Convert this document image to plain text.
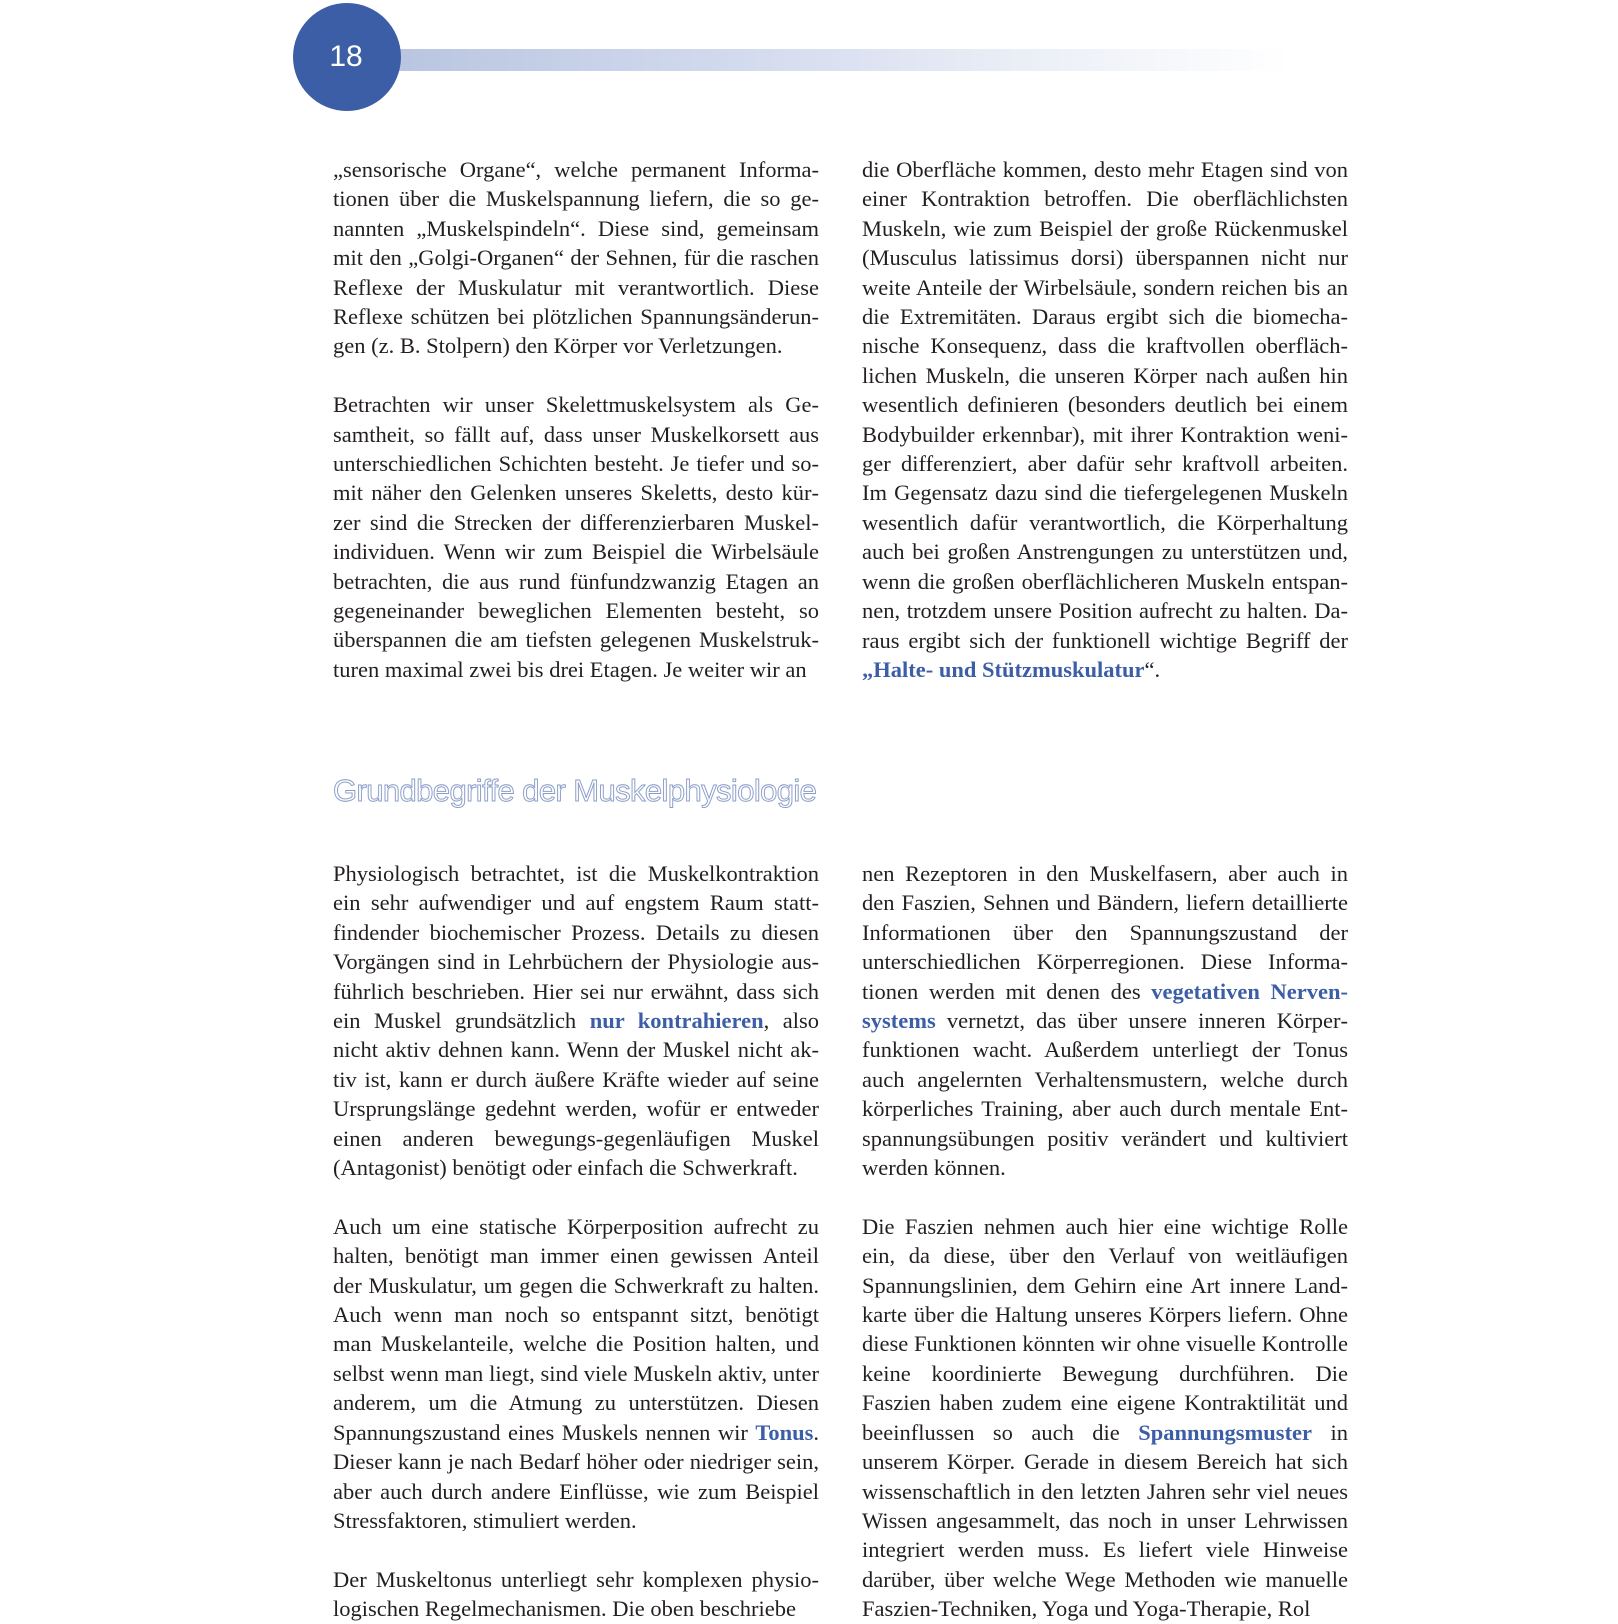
18

„sensorische Organe“, welche permanent Informationen über die Muskelspannung liefern, die so genannten „Muskelspindeln“. Diese sind, gemeinsam mit den „Golgi-Organen“ der Sehnen, für die raschen Reflexe der Muskulatur mit verantwortlich. Diese Reflexe schützen bei plötzlichen Spannungsänderungen (z. B. Stolpern) den Körper vor Verletzungen.

Betrachten wir unser Skelettmuskelsystem als Gesamtheit, so fällt auf, dass unser Muskelkorsett aus unterschiedlichen Schichten besteht. Je tiefer und somit näher den Gelenken unseres Skeletts, desto kürzer sind die Strecken der differenzierbaren Muskelindividuen. Wenn wir zum Beispiel die Wirbelsäule betrachten, die aus rund fünfundzwanzig Etagen an gegeneinander beweglichen Elementen besteht, so überspannen die am tiefsten gelegenen Muskelstrukturen maximal zwei bis drei Etagen. Je weiter wir an

die Oberfläche kommen, desto mehr Etagen sind von einer Kontraktion betroffen. Die oberflächlichsten Muskeln, wie zum Beispiel der große Rückenmuskel (Musculus latissimus dorsi) überspannen nicht nur weite Anteile der Wirbelsäule, sondern reichen bis an die Extremitäten. Daraus ergibt sich die biomechanische Konsequenz, dass die kraftvollen oberflächlichen Muskeln, die unseren Körper nach außen hin wesentlich definieren (besonders deutlich bei einem Bodybuilder erkennbar), mit ihrer Kontraktion weniger differenziert, aber dafür sehr kraftvoll arbeiten. Im Gegensatz dazu sind die tiefergelegenen Muskeln wesentlich dafür verantwortlich, die Körperhaltung auch bei großen Anstrengungen zu unterstützen und, wenn die großen oberflächlicheren Muskeln entspannen, trotzdem unsere Position aufrecht zu halten. Daraus ergibt sich der funktionell wichtige Begriff der „Halte- und Stützmuskulatur“.

Grundbegriffe der Muskelphysiologie

Physiologisch betrachtet, ist die Muskelkontraktion ein sehr aufwendiger und auf engstem Raum stattfindender biochemischer Prozess. Details zu diesen Vorgängen sind in Lehrbüchern der Physiologie ausführlich beschrieben. Hier sei nur erwähnt, dass sich ein Muskel grundsätzlich nur kontrahieren, also nicht aktiv dehnen kann. Wenn der Muskel nicht aktiv ist, kann er durch äußere Kräfte wieder auf seine Ursprungslänge gedehnt werden, wofür er entweder einen anderen bewegungs-gegenläufigen Muskel (Antagonist) benötigt oder einfach die Schwerkraft.

Auch um eine statische Körperposition aufrecht zu halten, benötigt man immer einen gewissen Anteil der Muskulatur, um gegen die Schwerkraft zu halten. Auch wenn man noch so entspannt sitzt, benötigt man Muskelanteile, welche die Position halten, und selbst wenn man liegt, sind viele Muskeln aktiv, unter anderem, um die Atmung zu unterstützen. Diesen Spannungszustand eines Muskels nennen wir Tonus. Dieser kann je nach Bedarf höher oder niedriger sein, aber auch durch andere Einflüsse, wie zum Beispiel Stressfaktoren, stimuliert werden.

Der Muskeltonus unterliegt sehr komplexen physiologischen Regelmechanismen. Die oben beschriebe

nen Rezeptoren in den Muskelfasern, aber auch in den Faszien, Sehnen und Bändern, liefern detaillierte Informationen über den Spannungszustand der unterschiedlichen Körperregionen. Diese Informationen werden mit denen des vegetativen Nervensystems vernetzt, das über unsere inneren Körperfunktionen wacht. Außerdem unterliegt der Tonus auch angelernten Verhaltensmustern, welche durch körperliches Training, aber auch durch mentale Entspannungsübungen positiv verändert und kultiviert werden können.

Die Faszien nehmen auch hier eine wichtige Rolle ein, da diese, über den Verlauf von weitläufigen Spannungslinien, dem Gehirn eine Art innere Landkarte über die Haltung unseres Körpers liefern. Ohne diese Funktionen könnten wir ohne visuelle Kontrolle keine koordinierte Bewegung durchführen. Die Faszien haben zudem eine eigene Kontraktilität und beeinflussen so auch die Spannungsmuster in unserem Körper. Gerade in diesem Bereich hat sich wissenschaftlich in den letzten Jahren sehr viel neues Wissen angesammelt, das noch in unser Lehrwissen integriert werden muss. Es liefert viele Hinweise darüber, über welche Wege Methoden wie manuelle Faszien-Techniken, Yoga und Yoga-Therapie, Rol
